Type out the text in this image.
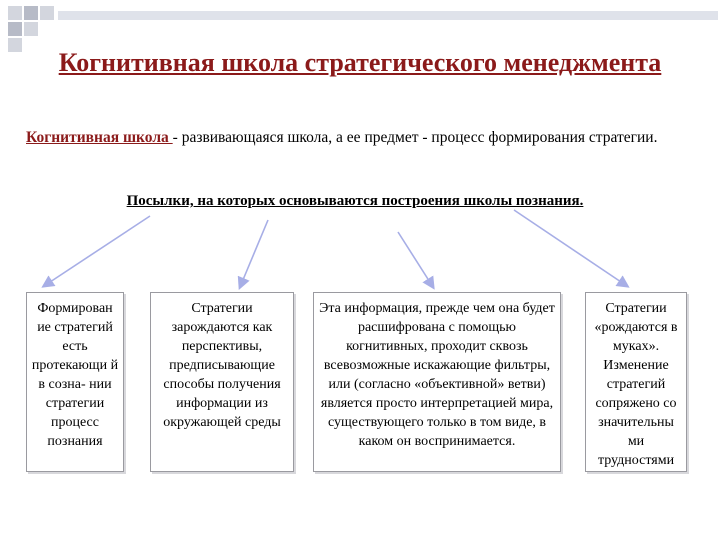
Когнитивная школа стратегического менеджмента
Когнитивная школа - развивающаяся школа, а ее предмет - процесс формирования стратегии.
Посылки, на которых основываются построения школы познания.
Формирован ие стратегий есть протекающи й в созна- нии стратегии процесс познания
Стратегии зарождаются как перспективы, предписывающие способы получения информации из окружающей среды
Эта информация, прежде чем она будет расшифрована с помощью когнитивных, проходит сквозь всевозможные искажающие фильтры, или (согласно «объективной» ветви) является просто интерпретацией мира, существующего только в том виде, в каком он воспринимается.
Стратегии «рождаются в муках». Изменение стратегий сопряжено со значительны ми трудностями
